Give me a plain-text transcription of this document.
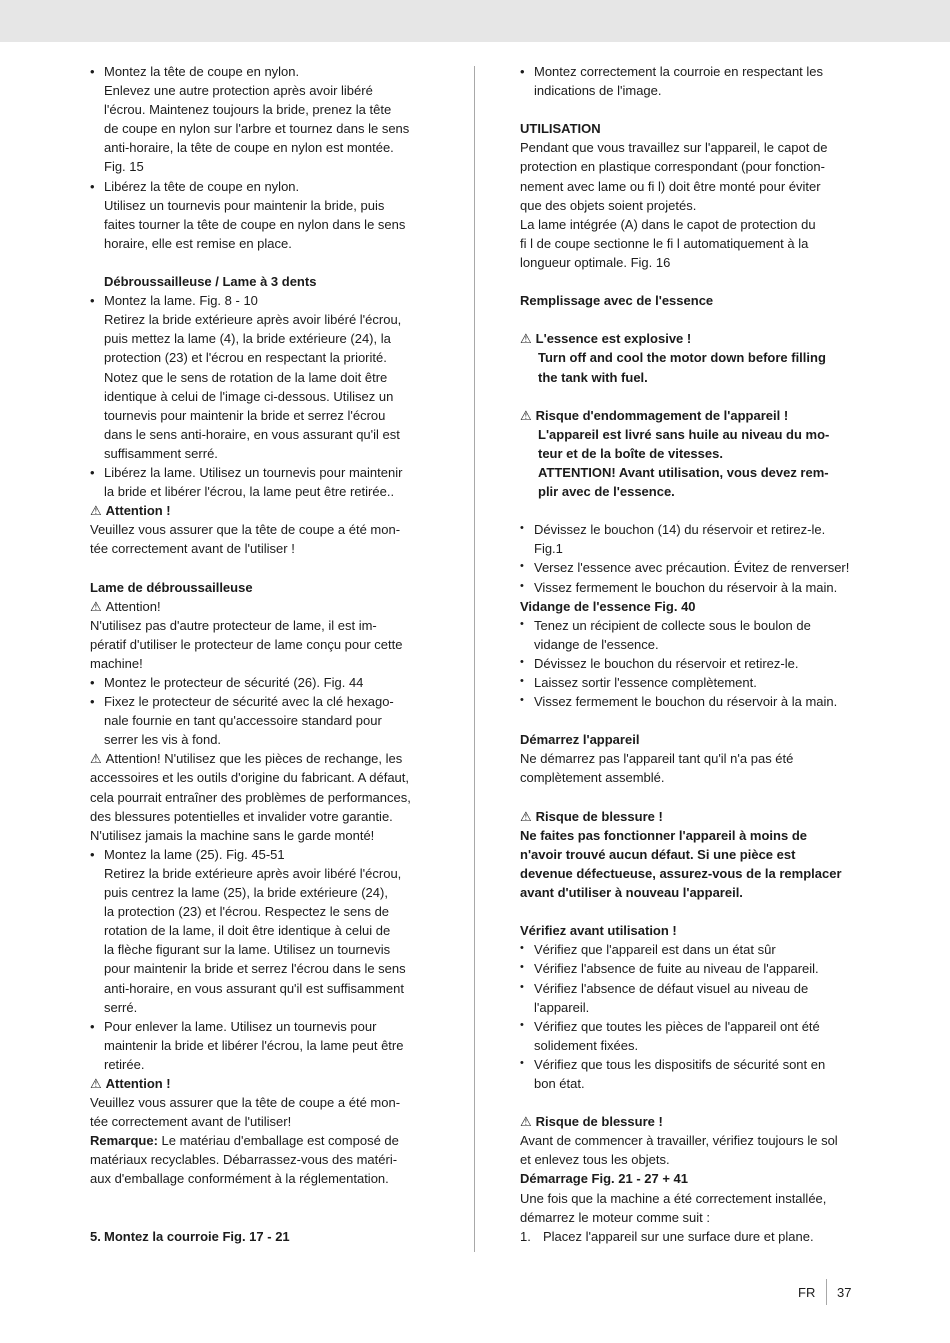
• Montez la tête de coupe en nylon.
Enlevez une autre protection après avoir libéré
l'écrou. Maintenez toujours la bride, prenez la tête
de coupe en nylon sur l'arbre et tournez dans le sens
anti-horaire, la tête de coupe en nylon est montée.
Fig. 15

• Libérez la tête de coupe en nylon.
Utilisez un tournevis pour maintenir la bride, puis
faites tourner la tête de coupe en nylon dans le sens
horaire, elle est remise en place.

Débroussailleuse / Lame à 3 dents

• Montez la lame. Fig. 8 - 10
Retirez la bride extérieure après avoir libéré l'écrou,
puis mettez la lame (4), la bride extérieure (24), la
protection (23) et l'écrou en respectant la priorité.
Notez que le sens de rotation de la lame doit être
identique à celui de l'image ci-dessous. Utilisez un
tournevis pour maintenir la bride et serrez l'écrou
dans le sens anti-horaire, en vous assurant qu'il est
suffisamment serré.

• Libérez la lame. Utilisez un tournevis pour maintenir
la bride et libérer l'écrou, la lame peut être retirée..

⚠ Attention !

Veuillez vous assurer que la tête de coupe a été mon-

tée correctement avant de l'utiliser !

Lame de débroussailleuse

⚠ Attention!

N'utilisez pas d'autre protecteur de lame, il est im-

pératif d'utiliser le protecteur de lame conçu pour cette

machine!

• Montez le protecteur de sécurité (26). Fig. 44

• Fixez le protecteur de sécurité avec la clé hexago-
nale fournie en tant qu'accessoire standard pour
serrer les vis à fond.

⚠ Attention! N'utilisez que les pièces de rechange, les

accessoires et les outils d'origine du fabricant. A défaut,

cela pourrait entraîner des problèmes de performances,

des blessures potentielles et invalider votre garantie.

N'utilisez jamais la machine sans le garde monté!

• Montez la lame (25). Fig. 45-51
Retirez la bride extérieure après avoir libéré l'écrou,
puis centrez la lame (25), la bride extérieure (24),
la protection (23) et l'écrou. Respectez le sens de
rotation de la lame, il doit être identique à celui de
la flèche figurant sur la lame. Utilisez un tournevis
pour maintenir la bride et serrez l'écrou dans le sens
anti-horaire, en vous assurant qu'il est suffisamment
serré.

• Pour enlever la lame. Utilisez un tournevis pour
maintenir la bride et libérer l'écrou, la lame peut être
retirée.

⚠ Attention !

Veuillez vous assurer que la tête de coupe a été mon-

tée correctement avant de l'utiliser!

Remarque: Le matériau d'emballage est composé de

matériaux recyclables. Débarrassez-vous des matéri-

aux d'emballage conformément à la réglementation.

5. Montez la courroie Fig. 17 - 21

• Montez correctement la courroie en respectant les
indications de l'image.

UTILISATION

Pendant que vous travaillez sur l'appareil, le capot de

protection en plastique correspondant (pour fonction-

nement avec lame ou fi l) doit être monté pour éviter

que des objets soient projetés.

La lame intégrée (A) dans le capot de protection du

fi l de coupe sectionne le fi l automatiquement à la

longueur optimale. Fig. 16

Remplissage avec de l'essence

⚠ L'essence est explosive !

Turn off and cool the motor down before filling

the tank with fuel.

⚠ Risque d'endommagement de l'appareil !

L'appareil est livré sans huile au niveau du mo-

teur et de la boîte de vitesses.

ATTENTION! Avant utilisation, vous devez rem-

plir avec de l'essence.

• Dévissez le bouchon (14) du réservoir et retirez-le.
Fig.1

• Versez l'essence avec précaution. Évitez de renverser!

• Vissez fermement le bouchon du réservoir à la main.

Vidange de l'essence Fig. 40

• Tenez un récipient de collecte sous le boulon de
vidange de l'essence.

• Dévissez le bouchon du réservoir et retirez-le.

• Laissez sortir l'essence complètement.

• Vissez fermement le bouchon du réservoir à la main.

Démarrez l'appareil

Ne démarrez pas l'appareil tant qu'il n'a pas été

complètement assemblé.

⚠ Risque de blessure !

Ne faites pas fonctionner l'appareil à moins de

n'avoir trouvé aucun défaut. Si une pièce est

devenue défectueuse, assurez-vous de la remplacer

avant d'utiliser à nouveau l'appareil.

Vérifiez avant utilisation !

• Vérifiez que l'appareil est dans un état sûr

• Vérifiez l'absence de fuite au niveau de l'appareil.

• Vérifiez l'absence de défaut visuel au niveau de
l'appareil.

• Vérifiez que toutes les pièces de l'appareil ont été
solidement fixées.

• Vérifiez que tous les dispositifs de sécurité sont en
bon état.

⚠ Risque de blessure !

Avant de commencer à travailler, vérifiez toujours le sol

et enlevez tous les objets.

Démarrage Fig. 21 - 27 + 41

Une fois que la machine a été correctement installée,

démarrez le moteur comme suit :

1. Placez l'appareil sur une surface dure et plane.

FR 37
